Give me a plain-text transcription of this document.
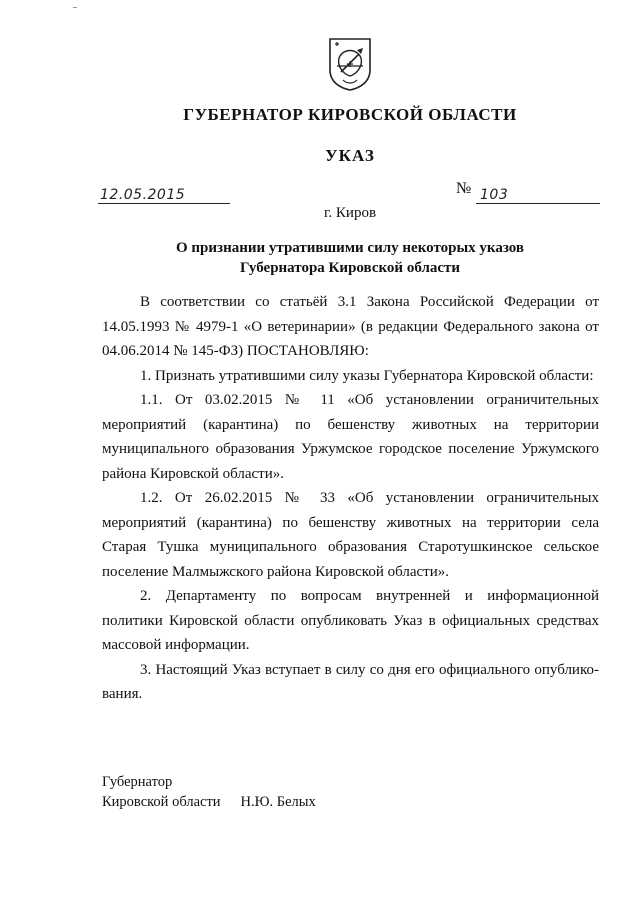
ГУБЕРНАТОР КИРОВСКОЙ ОБЛАСТИ
УКАЗ
12.05.2015	№ 103
г. Киров
О признании утратившими силу некоторых указов
Губернатора Кировской области

В соответствии со статьёй 3.1 Закона Российской Федерации от 14.05.1993 № 4979-1 «О ветеринарии» (в редакции Федерального закона от 04.06.2014 № 145-ФЗ) ПОСТАНОВЛЯЮ:

1. Признать утратившими силу указы Губернатора Кировской области:

1.1. От 03.02.2015 № 11 «Об установлении ограничительных мероприятий (карантина) по бешенству животных на территории муниципального образования Уржумское городское поселение Уржумского района Кировской области».

1.2. От 26.02.2015 № 33 «Об установлении ограничительных мероприятий (карантина) по бешенству животных на территории села Старая Тушка муниципального образования Старотушкинское сельское поселение Малмыжского района Кировской области».

2. Департаменту по вопросам внутренней и информационной политики Кировской области опубликовать Указ в официальных средствах массовой информации.

3. Настоящий Указ вступает в силу со дня его официального опубликования.

Губернатор
Кировской области Н.Ю. Белых
